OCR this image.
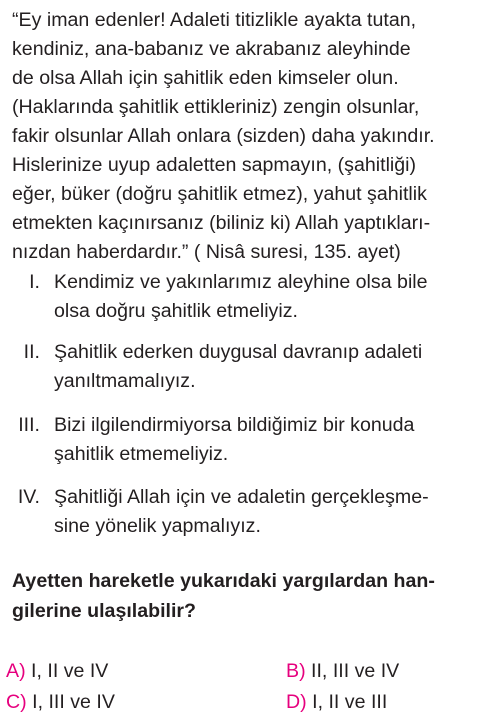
“Ey iman edenler! Adaleti titizlikle ayakta tutan,
kendiniz, ana-babanız ve akrabanız aleyhinde
de olsa Allah için şahitlik eden kimseler olun.
(Haklarında şahitlik ettikleriniz) zengin olsunlar,
fakir olsunlar Allah onlara (sizden) daha yakındır.
Hislerinize uyup adaletten sapmayın, (şahitliği)
eğer, büker (doğru şahitlik etmez), yahut şahitlik
etmekten kaçınırsanız (biliniz ki) Allah yaptıkları-
nızdan haberdardır.” ( Nisâ suresi, 135. ayet)
I. Kendimiz ve yakınlarımız aleyhine olsa bile
olsa doğru şahitlik etmeliyiz.
II. Şahitlik ederken duygusal davranıp adaleti
yanıltmamalıyız.
III. Bizi ilgilendirmiyorsa bildiğimiz bir konuda
şahitlik etmemeliyiz.
IV. Şahitliği Allah için ve adaletin gerçekleşme-
sine yönelik yapmalıyız.
Ayetten hareketle yukarıdaki yargılardan han-
gilerine ulaşılabilir?
A) I, II ve IV	B) II, III ve IV
C) I, III ve IV	D) I, II ve III
